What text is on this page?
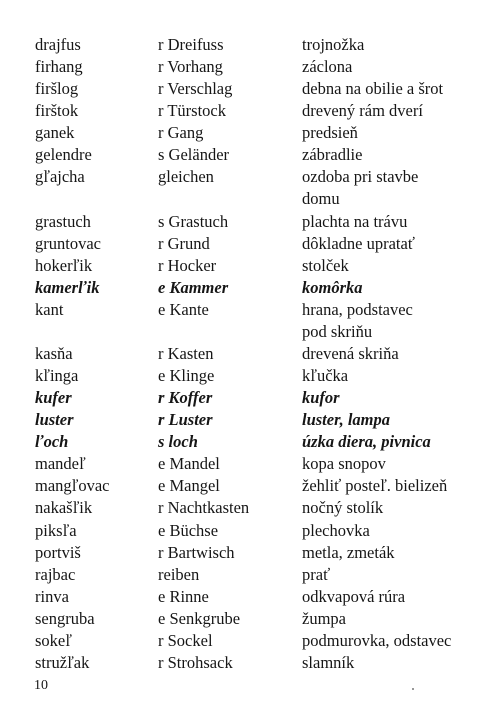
drajfus	r Dreifuss	trojnožka
firhang	r Vorhang	záclona
firšlog	r Verschlag	debna na obilie a šrot
firštok	r Türstock	drevený rám dverí
ganek	r Gang	predsieň
gelendre	s Geländer	zábradlie
gľajcha	gleichen	ozdoba pri stavbe
domu
grastuch	s Grastuch	plachta na trávu
gruntovac	r Grund	dôkladne upratať
hokerľik	r Hocker	stolček
kamerľik	e Kammer	komôrka
kant	e Kante	hrana, podstavec
pod skriňu
kasňa	r Kasten	drevená skriňa
kľinga	e Klinge	kľučka
kufer	r Koffer	kufor
luster	r Luster	luster, lampa
ľoch	s loch	úzka diera, pivnica
mandeľ	e Mandel	kopa snopov
mangľovac	e Mangel	žehliť posteľ. bielizeň
nakašľik	r Nachtkasten	nočný stolík
piksľa	e Büchse	plechovka
portviš	r Bartwisch	metla, zmeták
rajbac	reiben	prať
rinva	e Rinne	odkvapová rúra
sengruba	e Senkgrube	žumpa
sokeľ	r Sockel	podmurovka, odstavec
stružľak	r Strohsack	slamník
10
